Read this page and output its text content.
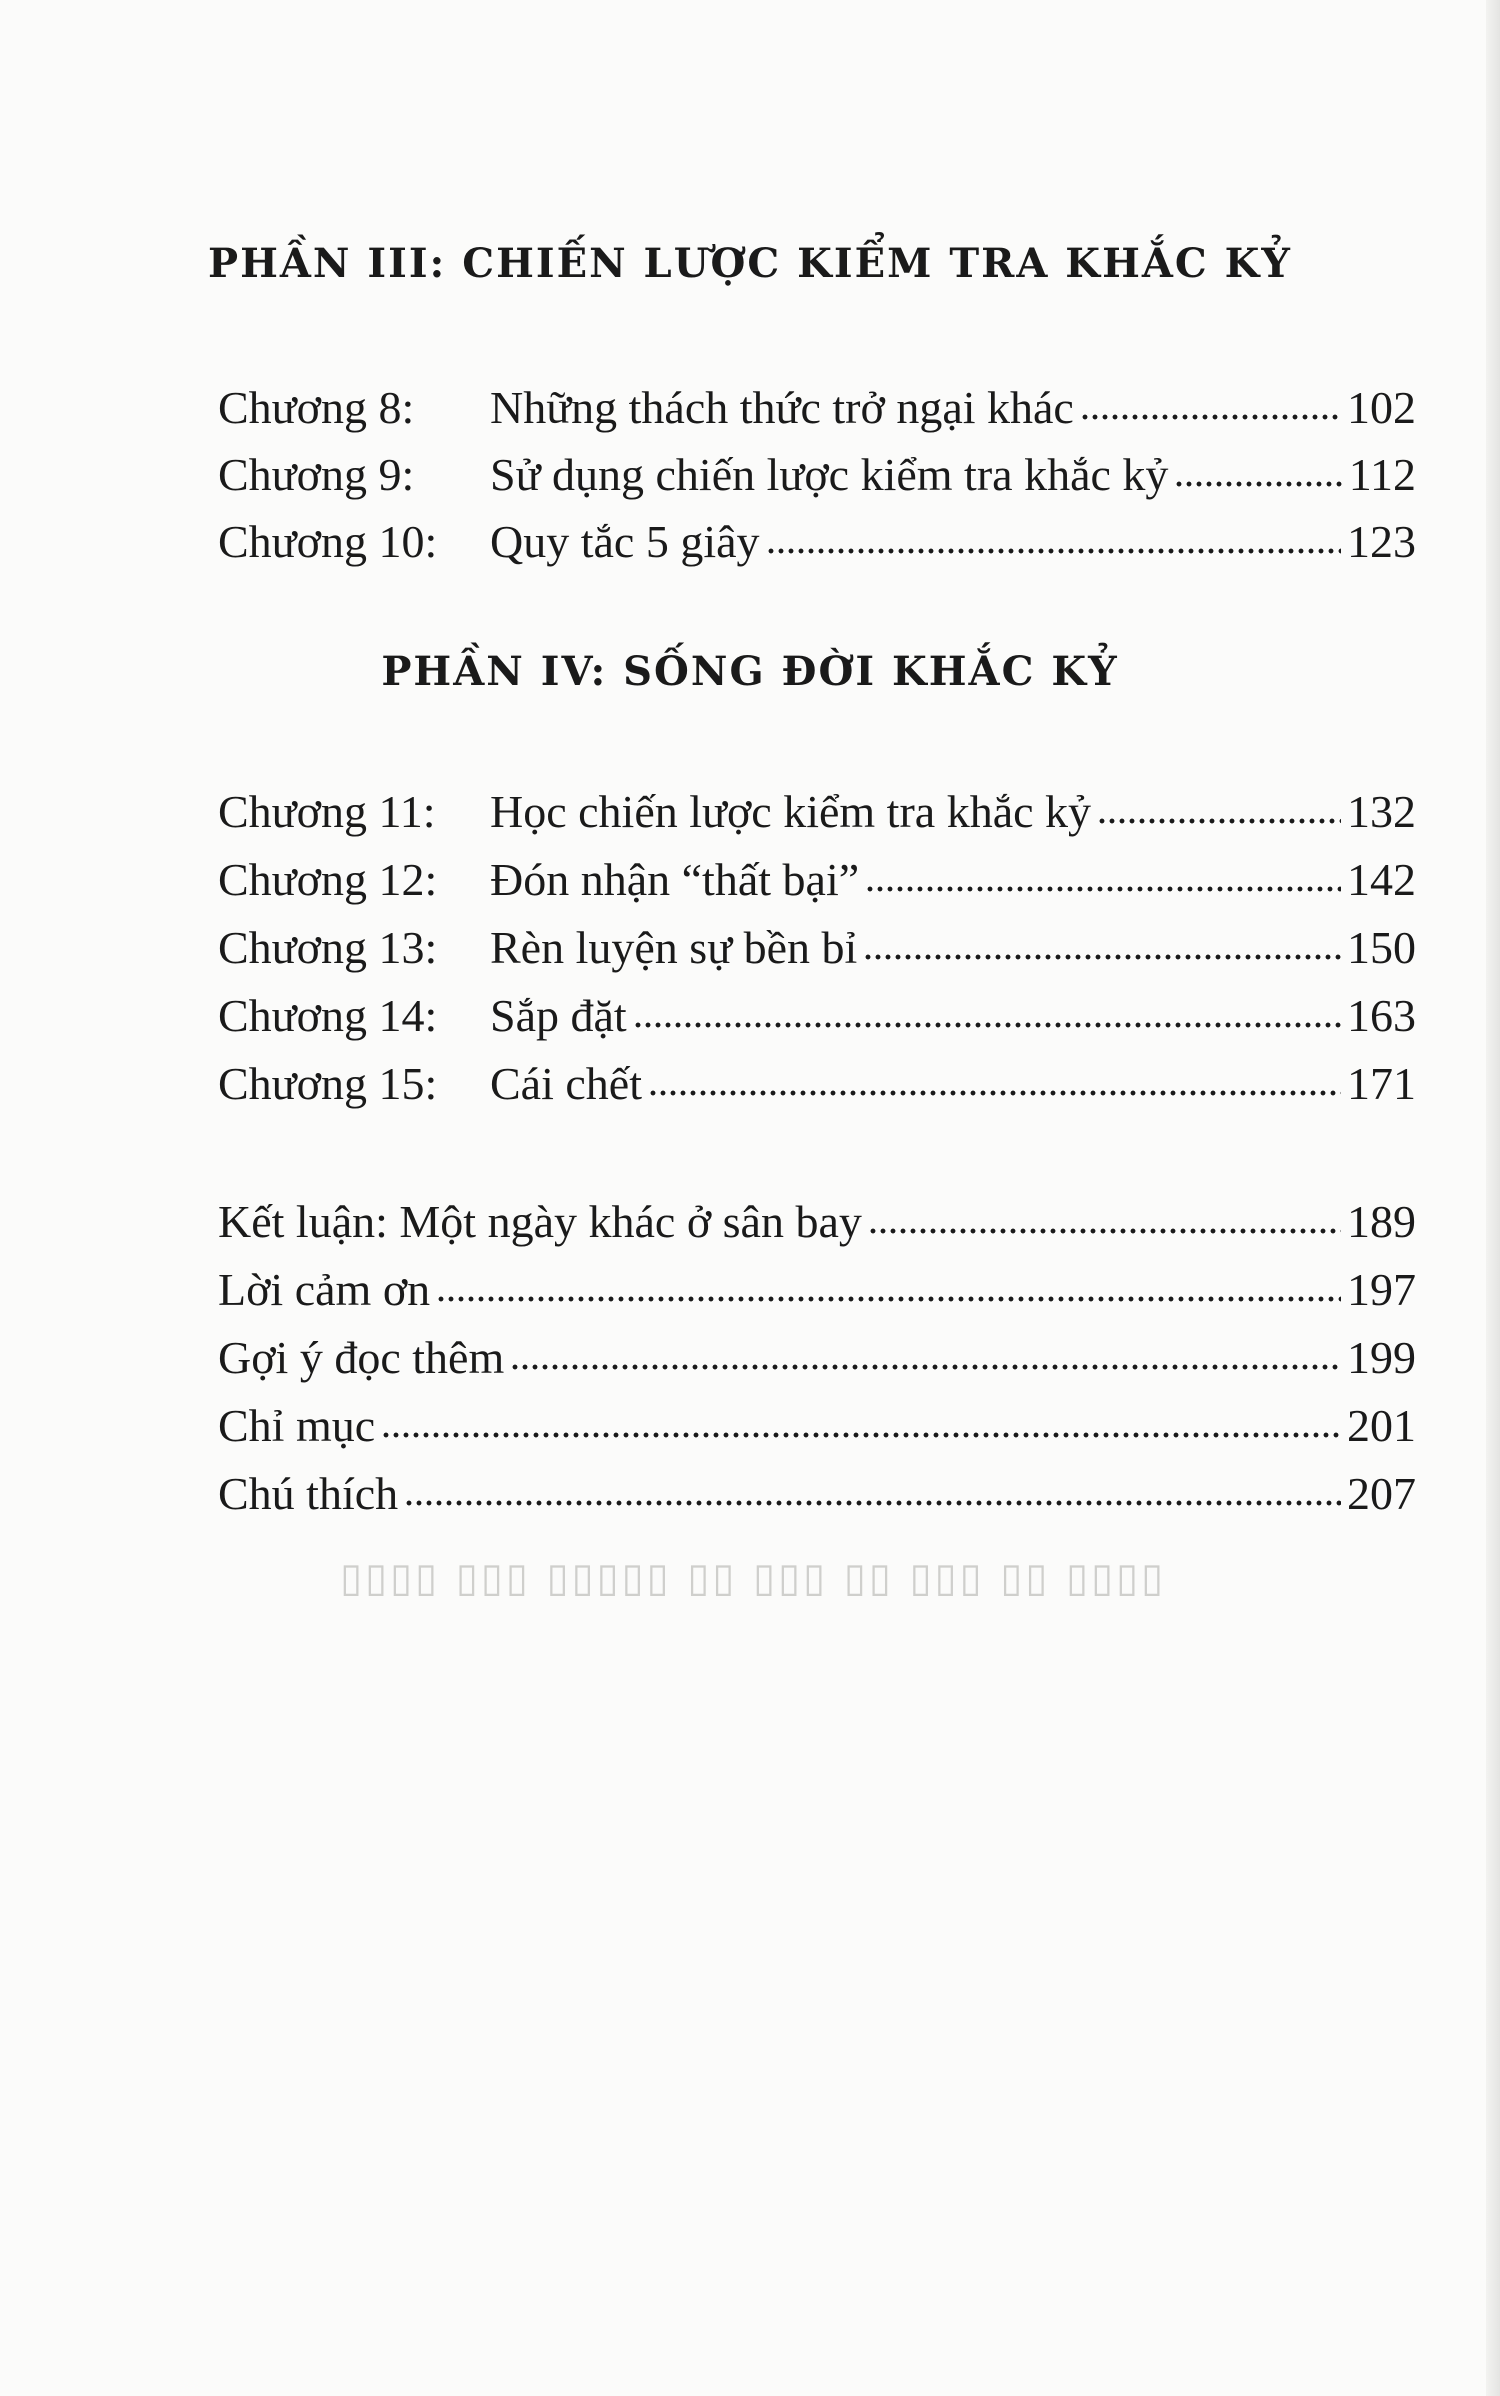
▯▯▯▯ ▯▯ ▯▯▯ ▯▯ ▯▯▯ ▯▯ ▯▯▯▯▯ ▯▯▯ ▯▯▯▯
PHẦN III: CHIẾN LƯỢC KIỂM TRA KHẮC KỶ
Chương 8:	Những thách thức trở ngại khác	102
Chương 9:	Sử dụng chiến lược kiểm tra khắc kỷ	112
Chương 10:	Quy tắc 5 giây	123
PHẦN IV: SỐNG ĐỜI KHẮC KỶ
Chương 11:	Học chiến lược kiểm tra khắc kỷ	132
Chương 12:	Đón nhận “thất bại”	142
Chương 13:	Rèn luyện sự bền bỉ	150
Chương 14:	Sắp đặt	163
Chương 15:	Cái chết	171
Kết luận: Một ngày khác ở sân bay	189
Lời cảm ơn	197
Gợi ý đọc thêm	199
Chỉ mục	201
Chú thích	207
